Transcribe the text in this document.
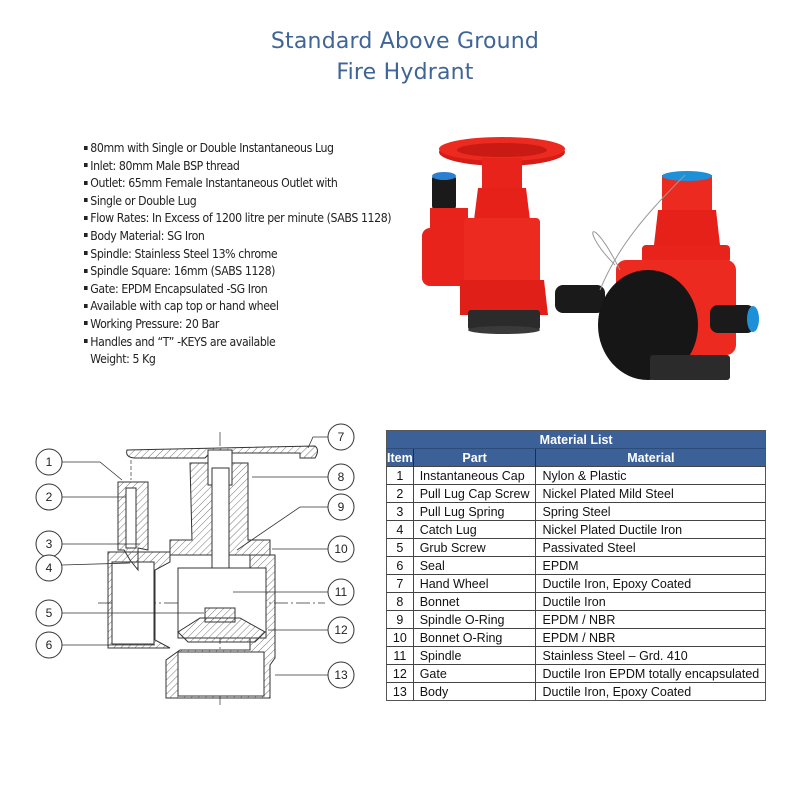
Standard Above Ground
Fire Hydrant
80mm with Single or Double Instantaneous Lug
Inlet: 80mm Male BSP thread
Outlet: 65mm Female Instantaneous Outlet with
Single or Double Lug
Flow Rates: In Excess of 1200 litre per minute (SABS 1128)
Body Material: SG Iron
Spindle: Stainless Steel 13% chrome
Spindle Square: 16mm (SABS 1128)
Gate: EPDM Encapsulated -SG Iron
Available with cap top or hand wheel
Working Pressure: 20 Bar
Handles and “T” -KEYS are available
Weight: 5 Kg
1
2
3
4
5
6
7
8
9
10
11
12
13
Material List		
Item	Part	Material
1	Instantaneous Cap	Nylon & Plastic
2	Pull Lug Cap Screw	Nickel Plated Mild Steel
3	Pull Lug Spring	Spring Steel
4	Catch Lug	Nickel Plated Ductile Iron
5	Grub Screw	Passivated Steel
6	Seal	EPDM
7	Hand Wheel	Ductile Iron, Epoxy Coated
8	Bonnet	Ductile Iron
9	Spindle O-Ring	EPDM / NBR
10	Bonnet O-Ring	EPDM / NBR
11	Spindle	Stainless Steel – Grd. 410
12	Gate	Ductile Iron EPDM totally encapsulated
13	Body	Ductile Iron, Epoxy Coated
